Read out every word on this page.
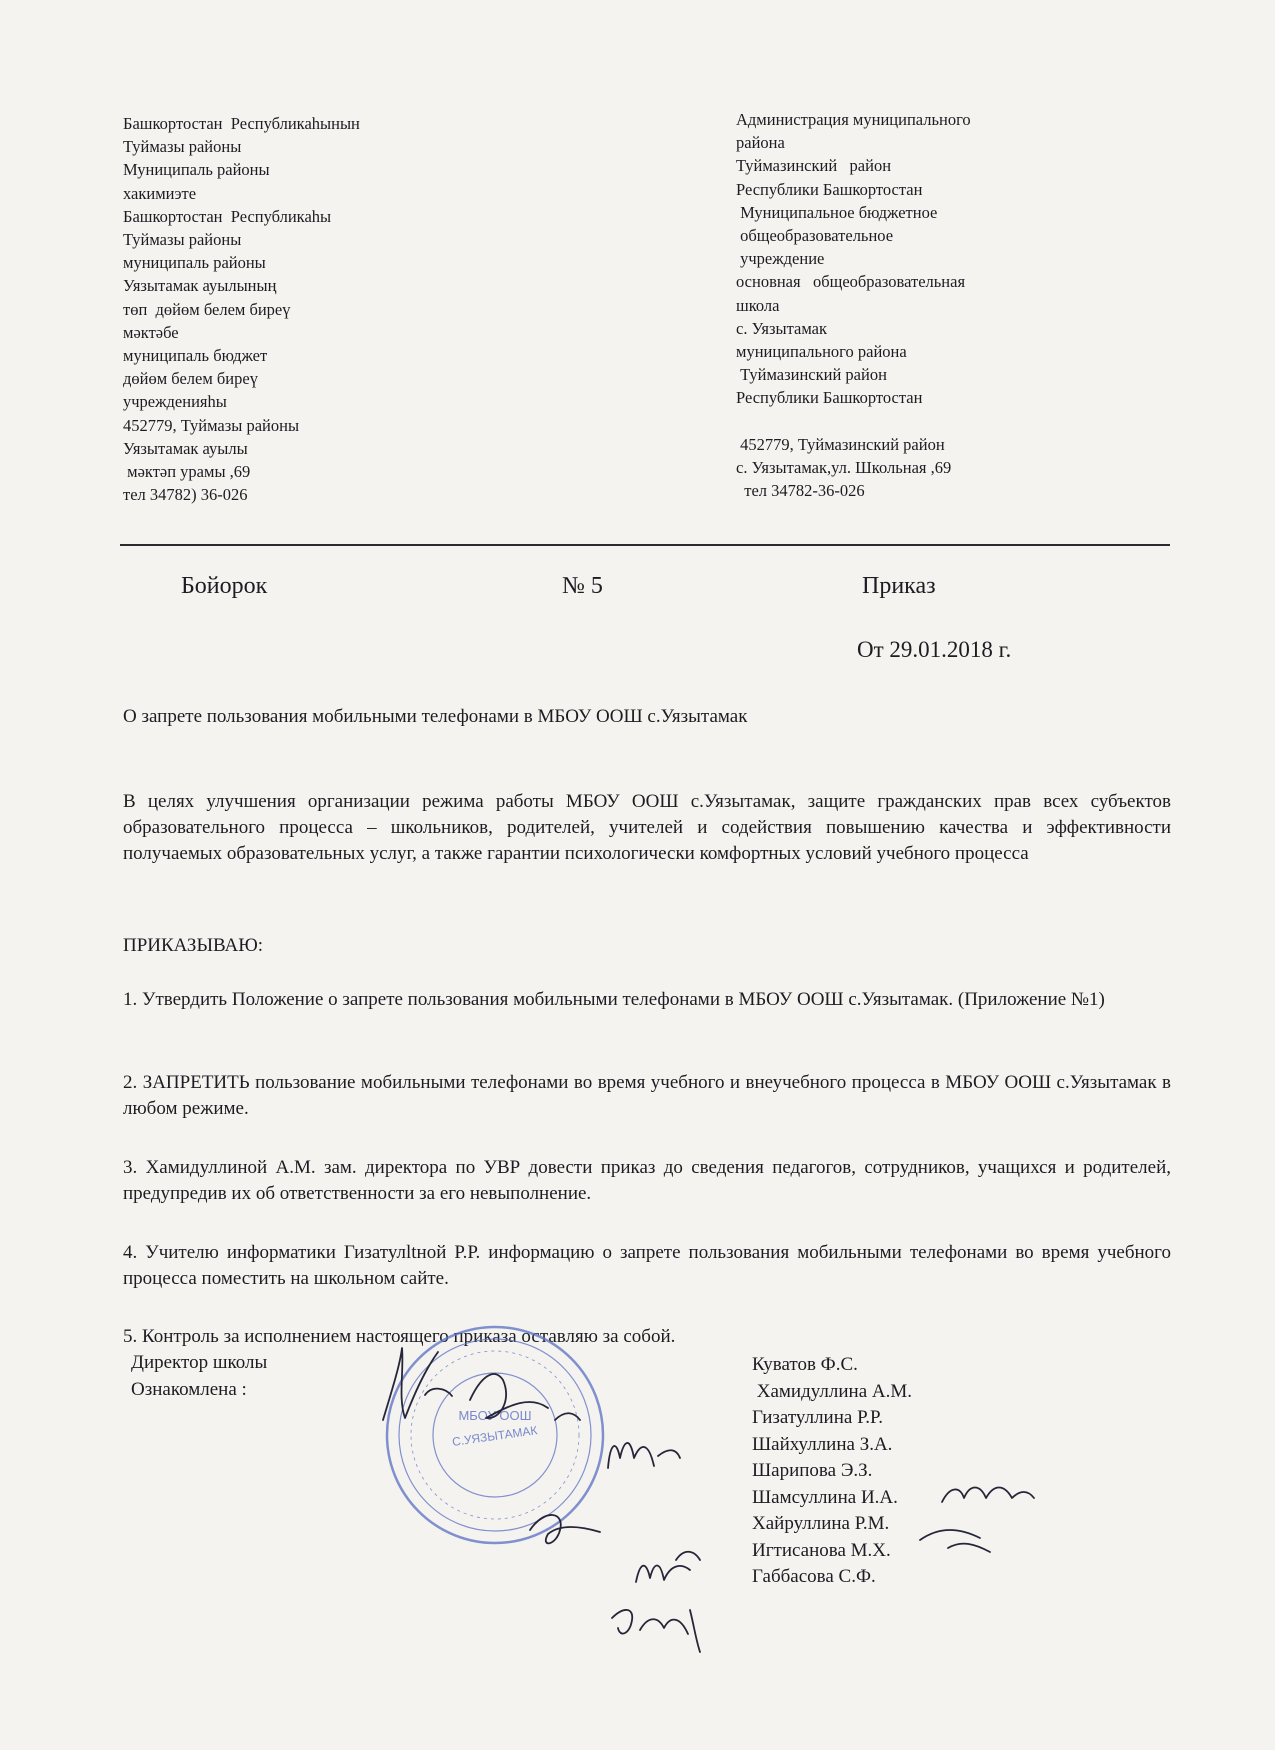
Башкортостан  Республикаһынын
Туймазы районы
Муниципаль районы
хакимиэте
Башкортостан  Республикаһы
Туймазы районы
муниципаль районы
Уязытамак ауылының
төп  дөйөм белем биреү
мәктәбе
муниципаль бюджет
дөйөм белем бирeү
учрежденияһы
452779, Туймазы районы
Уязытамак ауылы
мәктәп урамы ,69
тел 34782) 36-026
Администрация муниципального
района
Туймазинский   район
Республики Башкортостан
Муниципальное бюджетное
общеобразовательное
учреждение
основная   общеобразовательная
школа
с. Уязытамак
муниципального района
Туймазинский район
Республики Башкортостан

452779, Туймазинский район
с. Уязытамак,ул. Школьная ,69
тел 34782-36-026
Бойорок	№ 5	Приказ
От 29.01.2018 г.
О запрете пользования мобильными телефонами в МБОУ ООШ с.Уязытамак
В целях улучшения организации режима работы МБОУ ООШ с.Уязытамак, защите гражданских прав всех субъектов образовательного процесса – школьников, родителей, учителей и содействия повышению качества и эффективности получаемых образовательных услуг, а также гарантии психологически комфортных условий учебного процесса
ПРИКАЗЫВАЮ:
1. Утвердить Положение о запрете пользования мобильными телефонами в МБОУ ООШ с.Уязытамак. (Приложение №1)
2. ЗАПРЕТИТЬ пользование мобильными телефонами во время учебного и внеучебного процесса в МБОУ ООШ с.Уязытамак в любом режиме.
3. Хамидуллиной А.М. зам. директора по УВР довести приказ до сведения педагогов, сотрудников, учащихся и родителей, предупредив их об ответственности за его невыполнение.
4. Учителю информатики Гизатулltной Р.Р. информацию о запрете пользования мобильными телефонами во время учебного процесса поместить на школьном сайте.
5. Контроль за исполнением настоящего приказа оставляю за собой.
Директор школы
Ознакомлена :
Куватов Ф.С.
Хамидуллина А.М.
Гизатуллина Р.Р.
Шайхуллина З.А.
Шарипова Э.З.
Шамсуллина И.А.
Хайруллина Р.М.
Игтисанова М.Х.
Габбасова С.Ф.
МБОУ ООШ
С.УЯЗЫТАМАК
